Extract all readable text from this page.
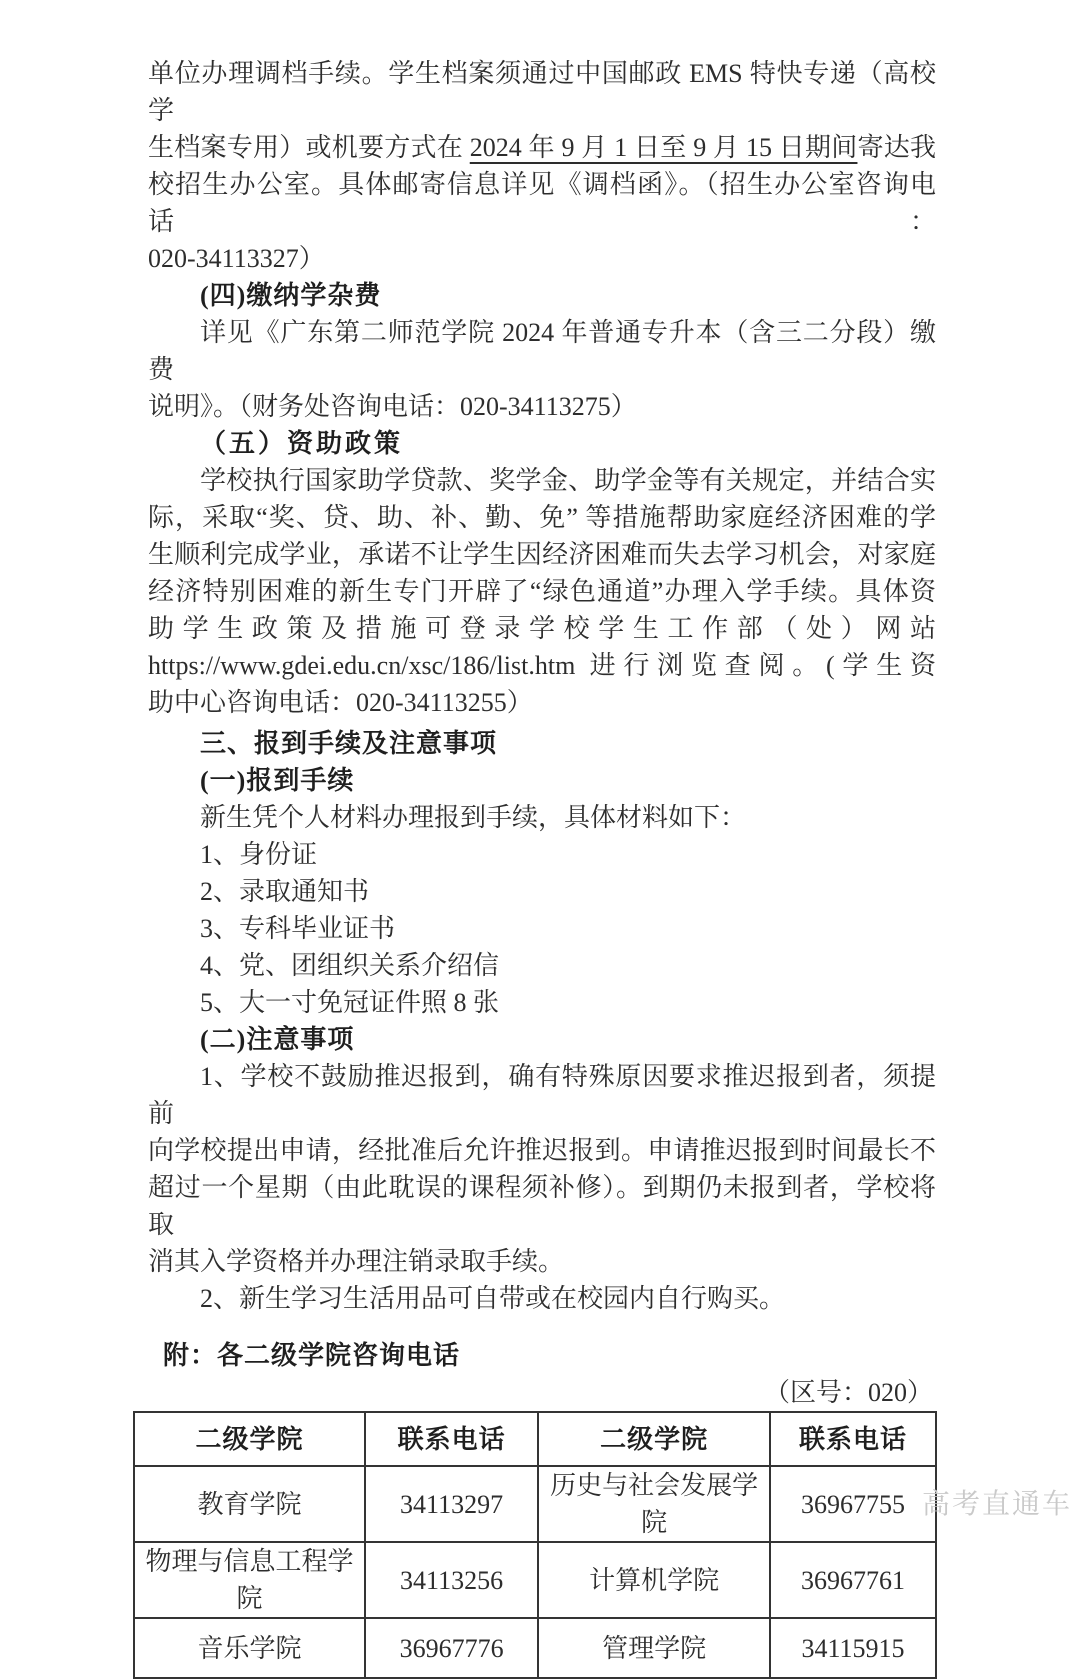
单位办理调档手续。学生档案须通过中国邮政 EMS 特快专递（高校学
生档案专用）或机要方式在 2024 年 9 月 1 日至 9 月 15 日期间寄达我
校招生办公室。具体邮寄信息详见《调档函》。（招生办公室咨询电话：
020-34113327）
(四)缴纳学杂费
详见《广东第二师范学院 2024 年普通专升本（含三二分段）缴费
说明》。（财务处咨询电话：020-34113275）
（五）资助政策
学校执行国家助学贷款、奖学金、助学金等有关规定，并结合实
际，采取“奖、贷、助、补、勤、免” 等措施帮助家庭经济困难的学
生顺利完成学业，承诺不让学生因经济困难而失去学习机会，对家庭
经济特别困难的新生专门开辟了“绿色通道”办理入学手续。具体资
助学生政策及措施可登录学校学生工作部（处）网站
https://www.gdei.edu.cn/xsc/186/list.htm 进行浏览查阅。(学生资
助中心咨询电话：020-34113255）
三、报到手续及注意事项
(一)报到手续
新生凭个人材料办理报到手续，具体材料如下：
1、身份证
2、录取通知书
3、专科毕业证书
4、党、团组织关系介绍信
5、大一寸免冠证件照 8 张
(二)注意事项
1、学校不鼓励推迟报到，确有特殊原因要求推迟报到者，须提前
向学校提出申请，经批准后允许推迟报到。申请推迟报到时间最长不
超过一个星期（由此耽误的课程须补修）。到期仍未报到者，学校将取
消其入学资格并办理注销录取手续。
2、新生学习生活用品可自带或在校园内自行购买。
附：各二级学院咨询电话
（区号：020）
二级学院	联系电话	二级学院	联系电话
教育学院	34113297	历史与社会发展学院	36967755
物理与信息工程学院	34113256	计算机学院	36967761
音乐学院	36967776	管理学院	34115915
高考直通车
